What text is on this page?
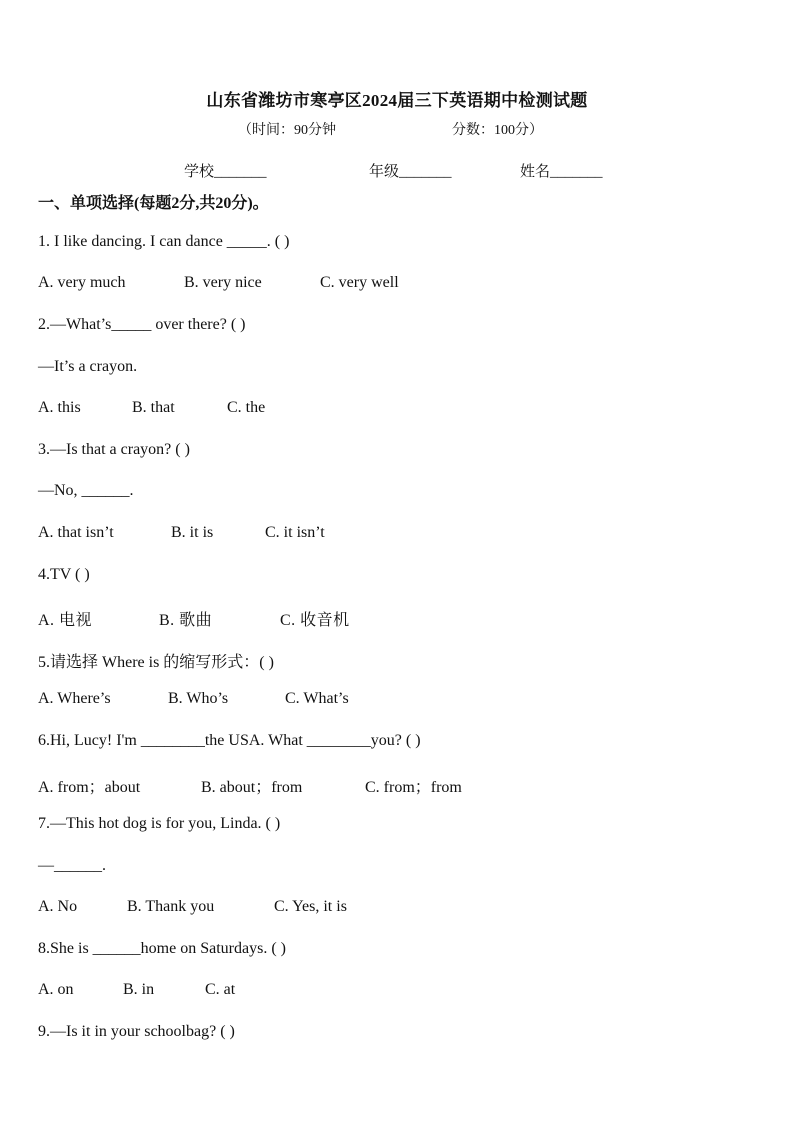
山东省潍坊市寒亭区2024届三下英语期中检测试题
（时间：90分钟	分数：100分）
学校_______	年级_______	姓名_______
一、单项选择(每题2分,共20分)。
1. I like dancing. I can dance _____. ( )
A. very much	B. very nice	C. very well
2.—What’s_____ over there? ( )
—It’s a crayon.
A. this	B. that	C. the
3.—Is that a crayon? ( )
—No, ______.
A. that isn’t	B. it is	C. it isn’t
4.TV ( )
A. 电视	B. 歌曲	C. 收音机
5.请选择 Where is 的缩写形式：( )
A. Where’s	B. Who’s	C. What’s
6.Hi, Lucy! I'm ________the USA. What ________you? ( )
A. from；about	B. about；from	C. from；from
7.—This hot dog is for you, Linda. ( )
—______.
A. No	B. Thank you	C. Yes, it is
8.She is ______home on Saturdays. ( )
A. on	B. in	C. at
9.—Is it in your schoolbag? ( )
